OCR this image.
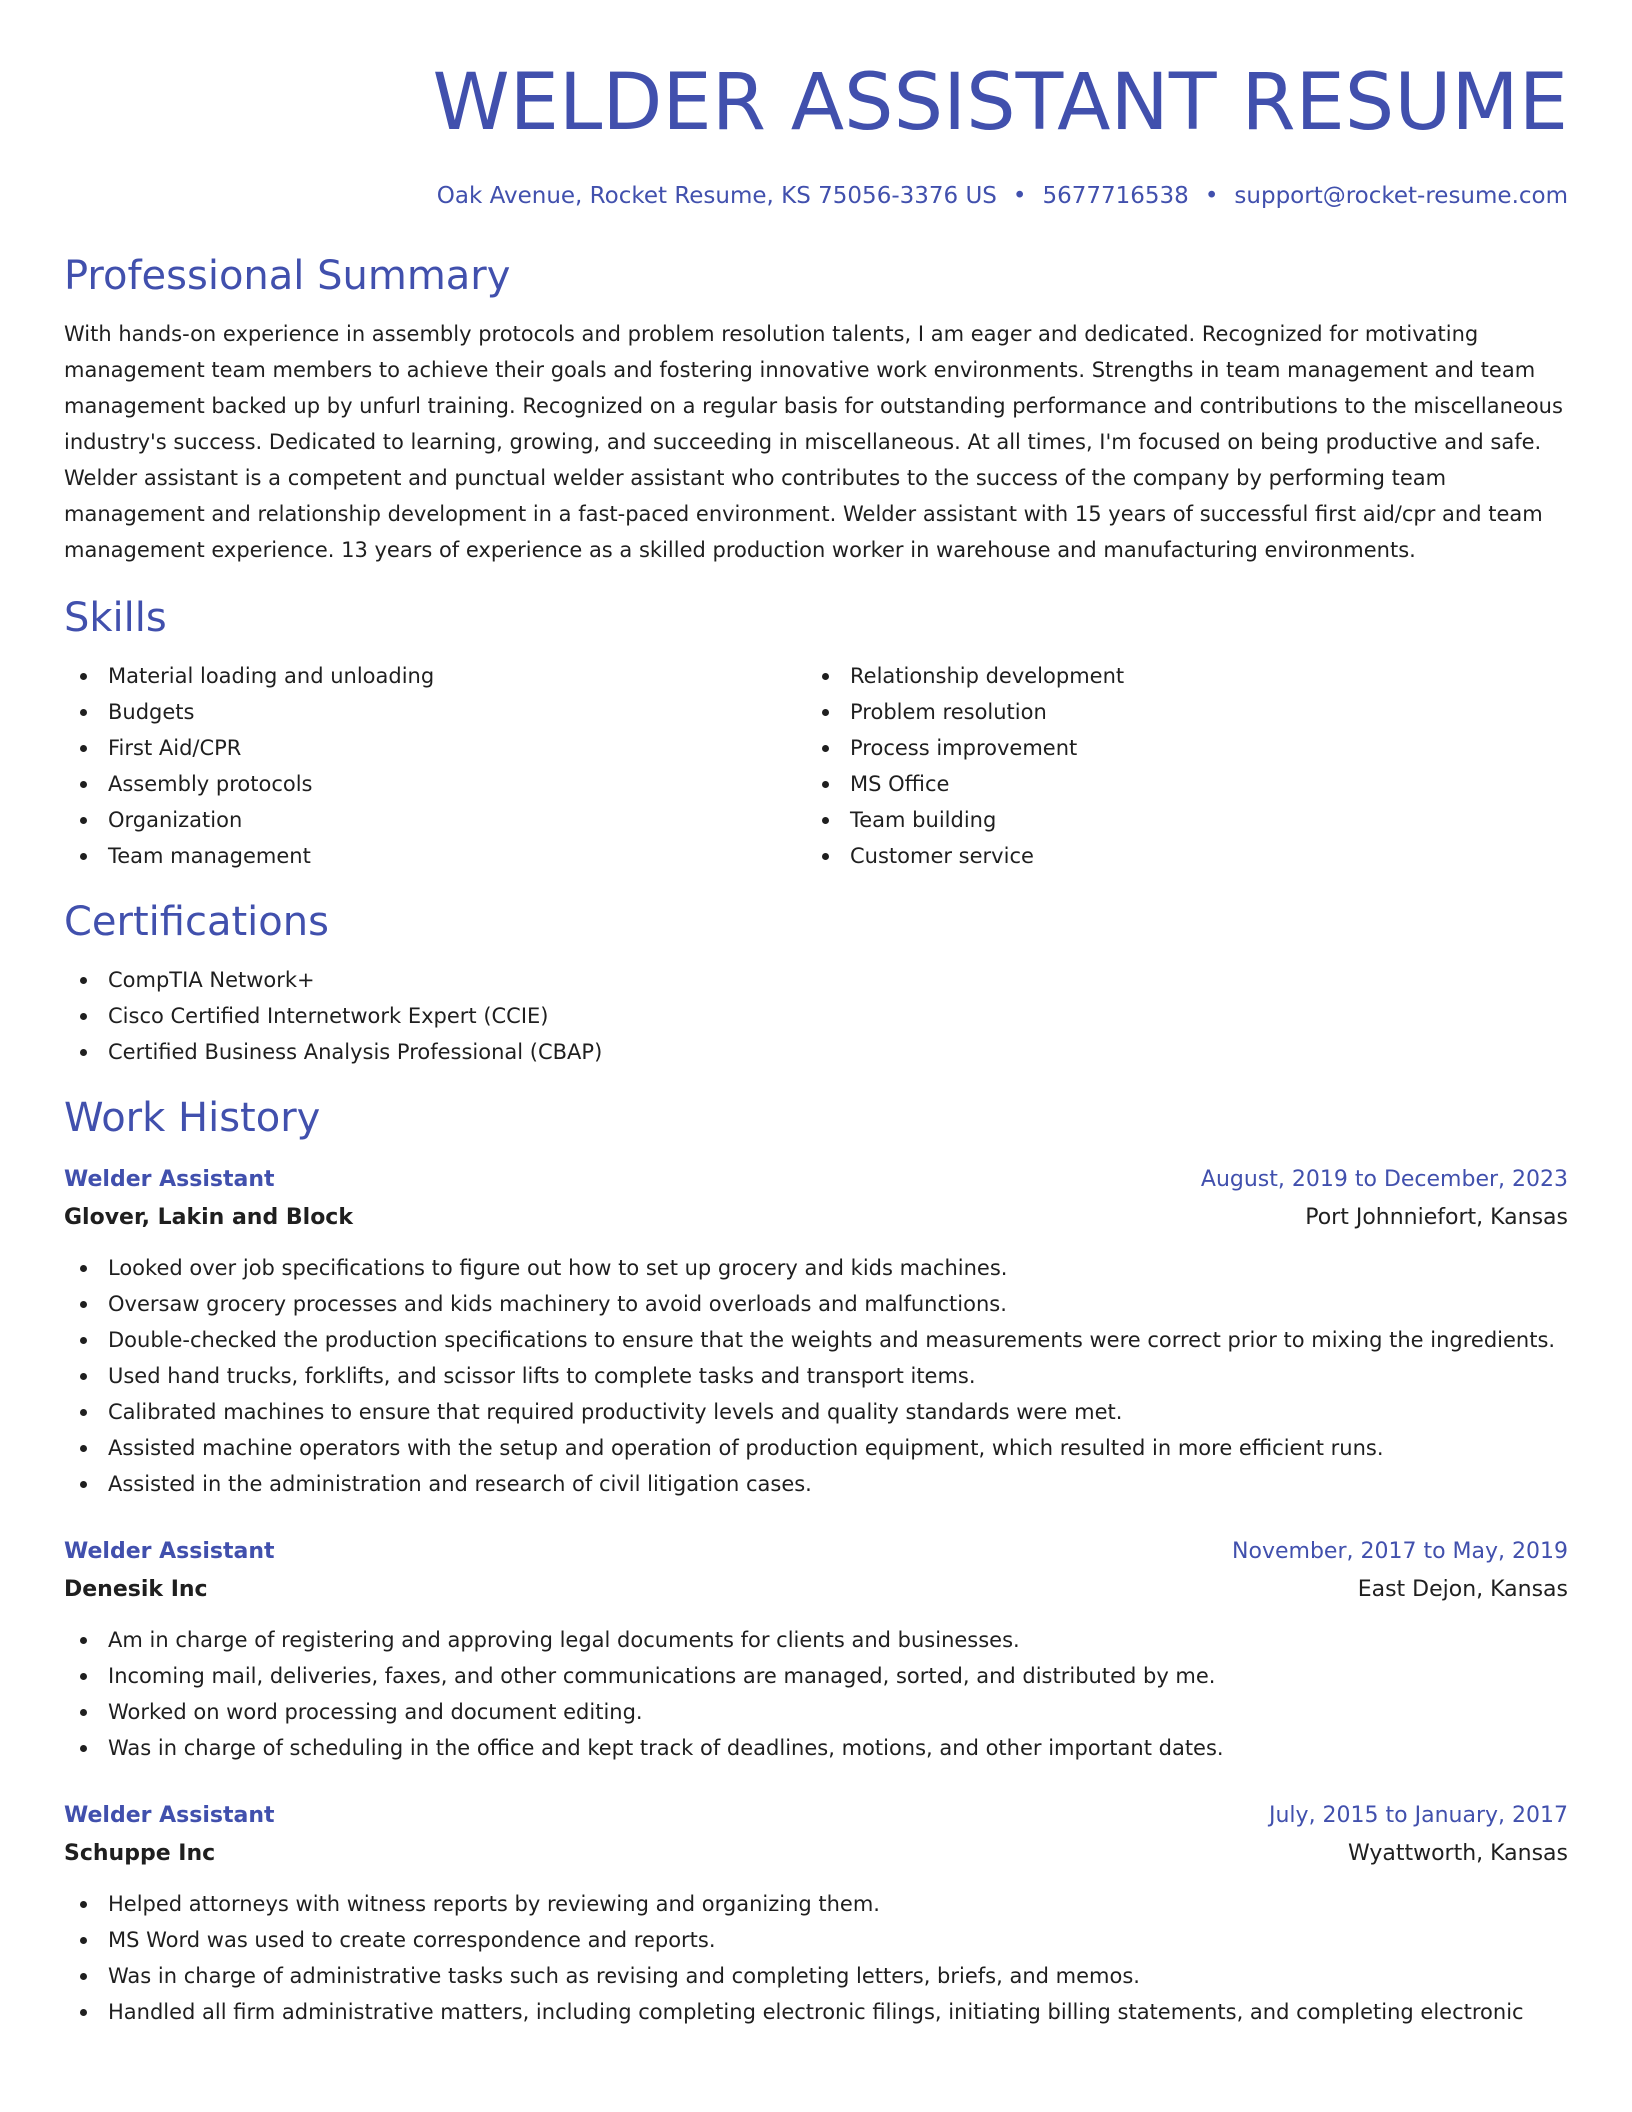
WELDER ASSISTANT RESUME
Oak Avenue, Rocket Resume, KS 75056-3376 US • 5677716538 • support@rocket-resume.com
Professional Summary
With hands-on experience in assembly protocols and problem resolution talents, I am eager and dedicated. Recognized for motivating management team members to achieve their goals and fostering innovative work environments. Strengths in team management and team management backed up by unfurl training. Recognized on a regular basis for outstanding performance and contributions to the miscellaneous industry's success. Dedicated to learning, growing, and succeeding in miscellaneous. At all times, I'm focused on being productive and safe. Welder assistant is a competent and punctual welder assistant who contributes to the success of the company by performing team management and relationship development in a fast-paced environment. Welder assistant with 15 years of successful first aid/cpr and team management experience. 13 years of experience as a skilled production worker in warehouse and manufacturing environments.
Skills
Material loading and unloading
Budgets
First Aid/CPR
Assembly protocols
Organization
Team management
Relationship development
Problem resolution
Process improvement
MS Office
Team building
Customer service
Certifications
CompTIA Network+
Cisco Certified Internetwork Expert (CCIE)
Certified Business Analysis Professional (CBAP)
Work History
Welder Assistant	August, 2019 to December, 2023
Glover, Lakin and Block	Port Johnniefort, Kansas
Looked over job specifications to figure out how to set up grocery and kids machines.
Oversaw grocery processes and kids machinery to avoid overloads and malfunctions.
Double-checked the production specifications to ensure that the weights and measurements were correct prior to mixing the ingredients.
Used hand trucks, forklifts, and scissor lifts to complete tasks and transport items.
Calibrated machines to ensure that required productivity levels and quality standards were met.
Assisted machine operators with the setup and operation of production equipment, which resulted in more efficient runs.
Assisted in the administration and research of civil litigation cases.
Welder Assistant	November, 2017 to May, 2019
Denesik Inc	East Dejon, Kansas
Am in charge of registering and approving legal documents for clients and businesses.
Incoming mail, deliveries, faxes, and other communications are managed, sorted, and distributed by me.
Worked on word processing and document editing.
Was in charge of scheduling in the office and kept track of deadlines, motions, and other important dates.
Welder Assistant	July, 2015 to January, 2017
Schuppe Inc	Wyattworth, Kansas
Helped attorneys with witness reports by reviewing and organizing them.
MS Word was used to create correspondence and reports.
Was in charge of administrative tasks such as revising and completing letters, briefs, and memos.
Handled all firm administrative matters, including completing electronic filings, initiating billing statements, and completing electronic
